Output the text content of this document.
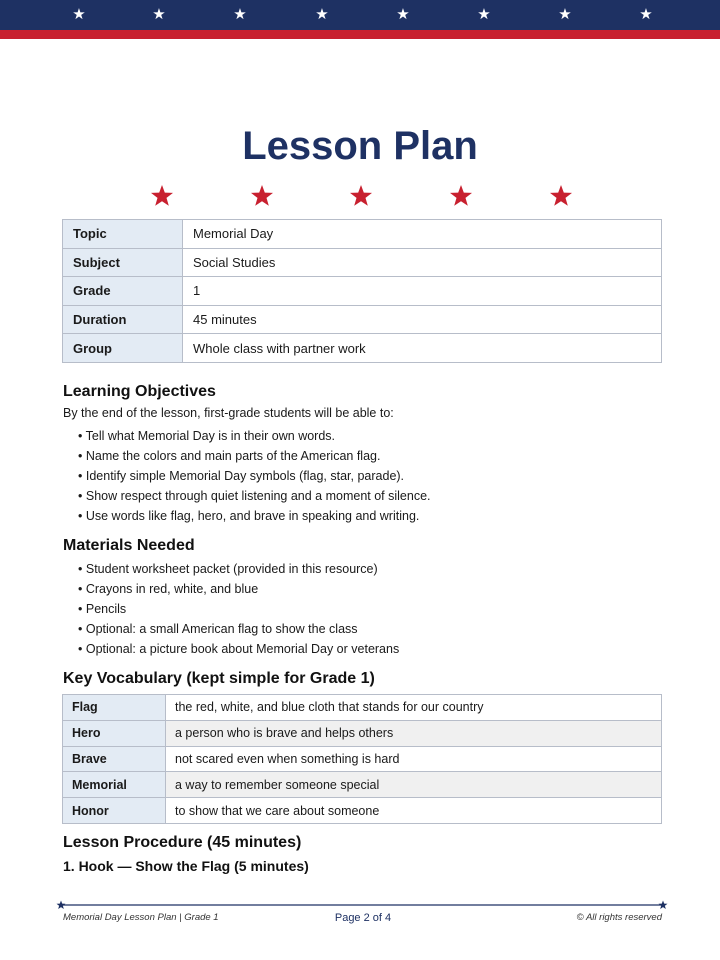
★	★	★	★	★	★	★	★
Lesson Plan
Topic	Memorial Day
Subject	Social Studies
Grade	1
Duration	45 minutes
Group	Whole class with partner work
Learning Objectives

By the end of the lesson, first-grade students will be able to:

• Tell what Memorial Day is in their own words.
• Name the colors and main parts of the American flag.
• Identify simple Memorial Day symbols (flag, star, parade).
• Show respect through quiet listening and a moment of silence.
• Use words like flag, hero, and brave in speaking and writing.
Materials Needed
• Student worksheet packet (provided in this resource)
• Crayons in red, white, and blue
• Pencils
• Optional: a small American flag to show the class
• Optional: a picture book about Memorial Day or veterans
Key Vocabulary (kept simple for Grade 1)
Flag	the red, white, and blue cloth that stands for our country
Hero	a person who is brave and helps others
Brave	not scared even when something is hard
Memorial	a way to remember someone special
Honor	to show that we care about someone
Lesson Procedure (45 minutes)
1. Hook — Show the Flag (5 minutes)
Memorial Day Lesson Plan | Grade 1	Page 2 of 4	© All rights reserved
